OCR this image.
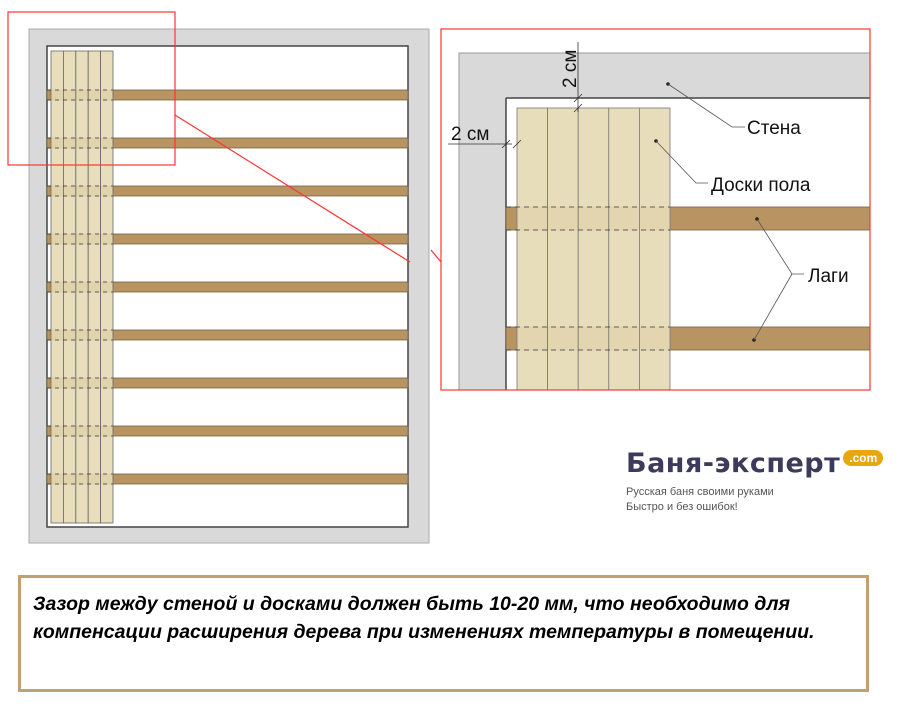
2 см
2 см
Стена
Доски пола
Лаги
Баня-эксперт .com
Русская баня своими руками
Быстро и без ошибок!

Зазор между стеной и досками должен быть 10-20 мм, что необходимо для компенсации расширения дерева при изменениях температуры в помещении.
